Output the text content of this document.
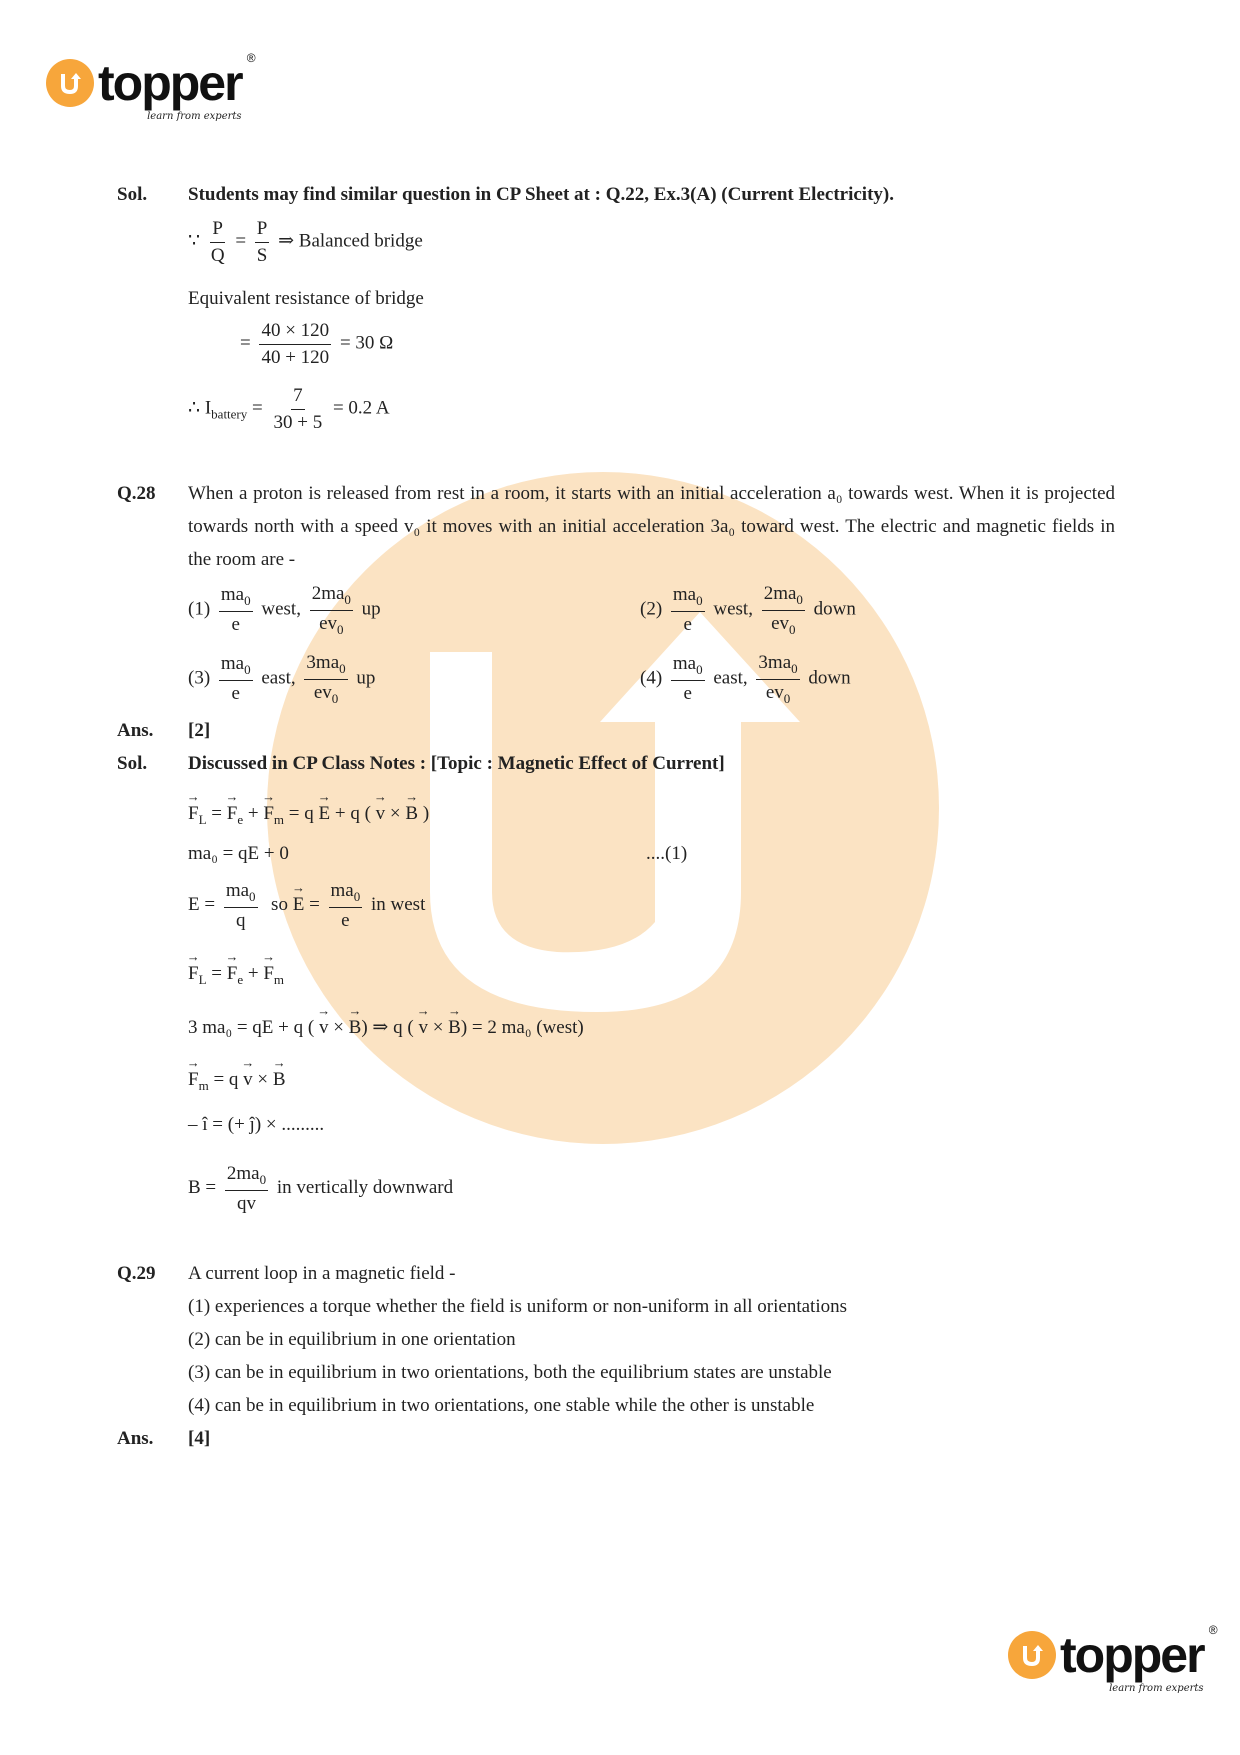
topper ®
learn from experts
Sol. Students may find similar question in CP Sheet at : Q.22, Ex.3(A) (Current Electricity).
∵ $\frac{P}{Q} = \frac{P}{S}$ ⇒ Balanced bridge
Equivalent resistance of bridge
= $\frac{40 \times 120}{40 + 120} = 30$ Ω
∴ $I_{battery} = \frac{7}{30 + 5} = 0.2$ A
Q.28 When a proton is released from rest in a room, it starts with an initial acceleration a₀ towards west. When it is projected towards north with a speed v₀ it moves with an initial acceleration 3a₀ toward west. The electric and magnetic fields in the room are -
$(1) \frac{ma_0}{e}$ west, $\frac{2ma_0}{ev_0}$ up	$(2) \frac{ma_0}{e}$ west, $\frac{2ma_0}{ev_0}$ down
$(3) \frac{ma_0}{e}$ east, $\frac{3ma_0}{ev_0}$ up	$(4) \frac{ma_0}{e}$ east, $\frac{3ma_0}{ev_0}$ down
Ans. [2]
Sol. Discussed in CP Class Notes : [Topic : Magnetic Effect of Current]
→ $F_L$ = → $F_e$ + → $F_m = q \to E + q$ ( → v × → B )
ma₀ = qE + 0	....(1)
$E = \frac{ma_0}{q}$ so → $E = \frac{ma_0}{e}$ in west
→ $F_L$ = → $F_e$ + → $F_m$
3 ma₀ = qE + q ( → v × → B) ⇒ q ( → v × → B) = 2 ma₀ (west)
→ $F_m = q \to v$ × → B
– î = (+ ĵ) × .........
$B = \frac{2ma_0}{qv}$ in vertically downward
Q.29 A current loop in a magnetic field -
(1) experiences a torque whether the field is uniform or non-uniform in all orientations
(2) can be in equilibrium in one orientation
(3) can be in equilibrium in two orientations, both the equilibrium states are unstable
(4) can be in equilibrium in two orientations, one stable while the other is unstable
Ans. [4]
topper ®
learn from experts
